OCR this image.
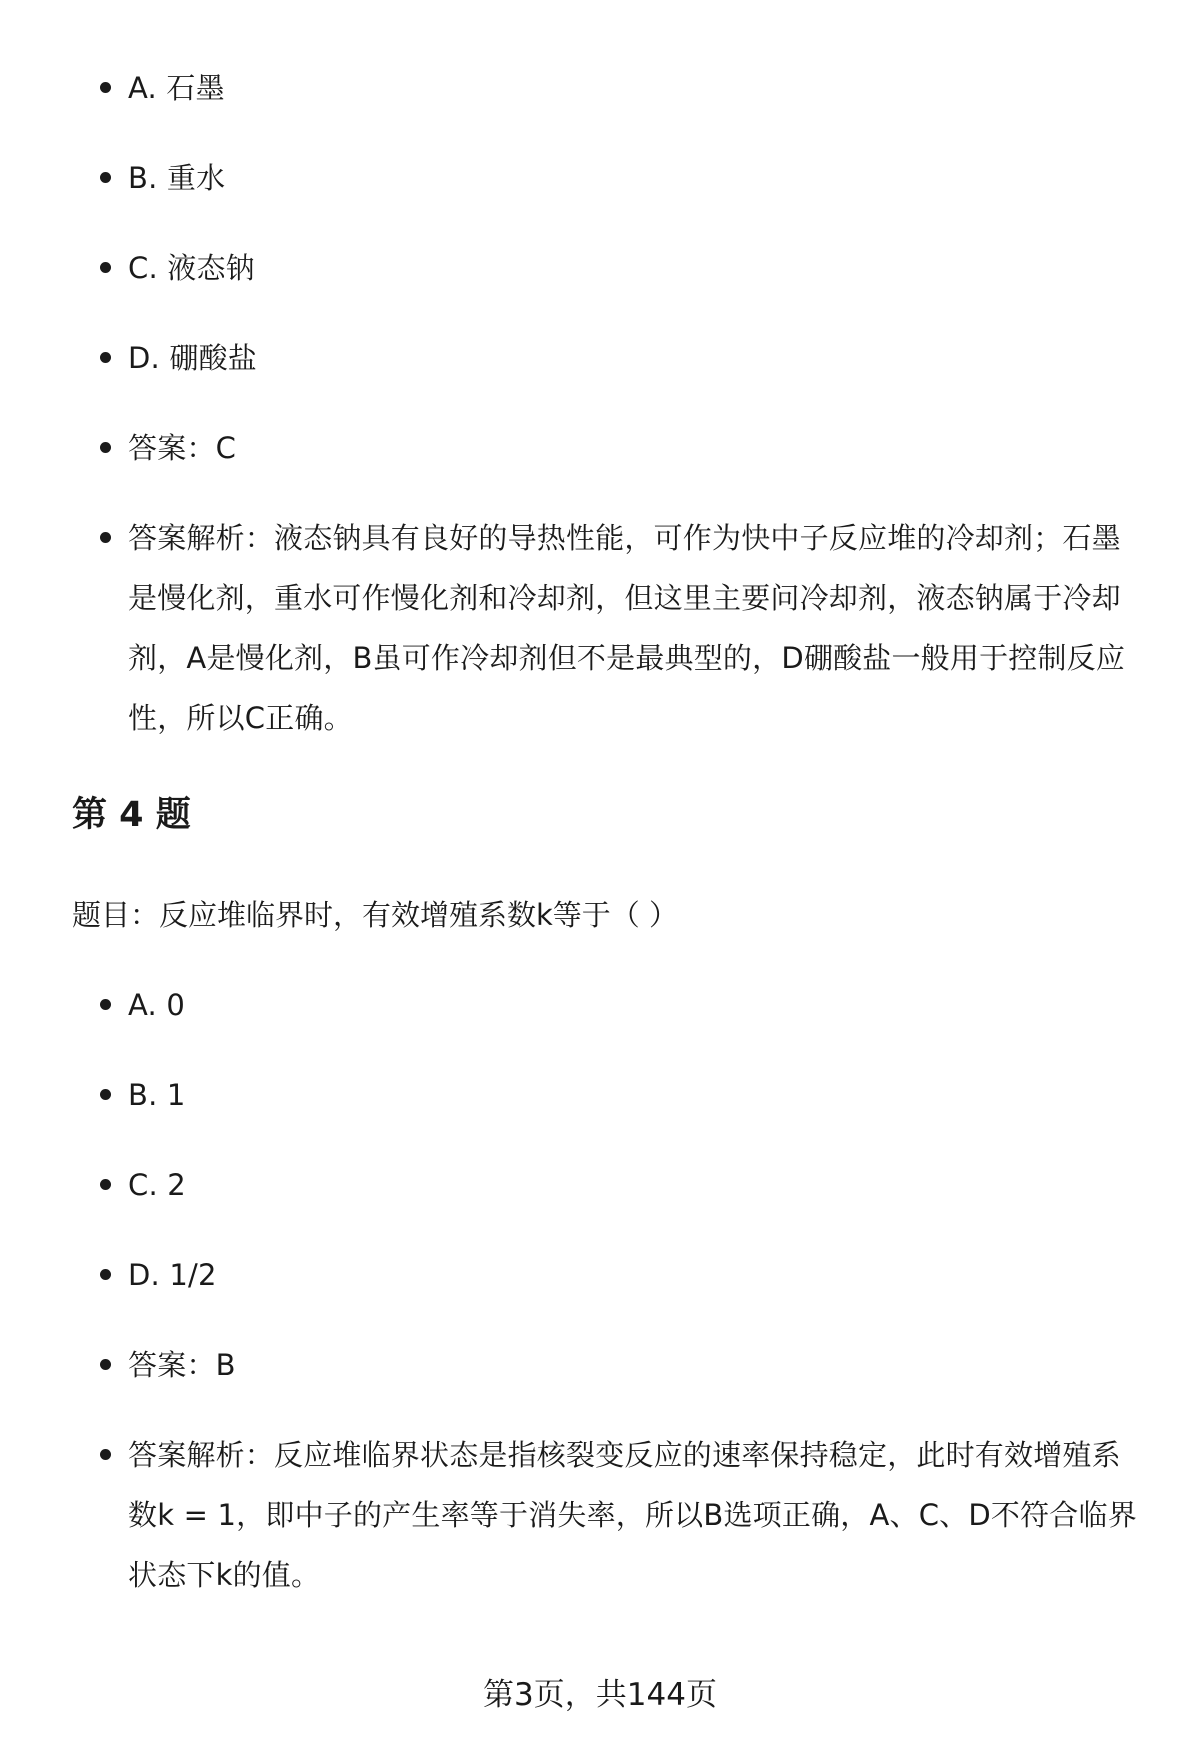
A. 石墨
B. 重水
C. 液态钠
D. 硼酸盐
答案：C
答案解析：液态钠具有良好的导热性能，可作为快中子反应堆的冷却剂；石墨是慢化剂，重水可作慢化剂和冷却剂，但这里主要问冷却剂，液态钠属于冷却剂，A是慢化剂，B虽可作冷却剂但不是最典型的，D硼酸盐一般用于控制反应性，所以C正确。
第 4 题

题目：反应堆临界时，有效增殖系数k等于（ ）

A. 0
B. 1
C. 2
D. 1/2
答案：B
答案解析：反应堆临界状态是指核裂变反应的速率保持稳定，此时有效增殖系数k = 1，即中子的产生率等于消失率，所以B选项正确，A、C、D不符合临界状态下k的值。
第3页，共144页
